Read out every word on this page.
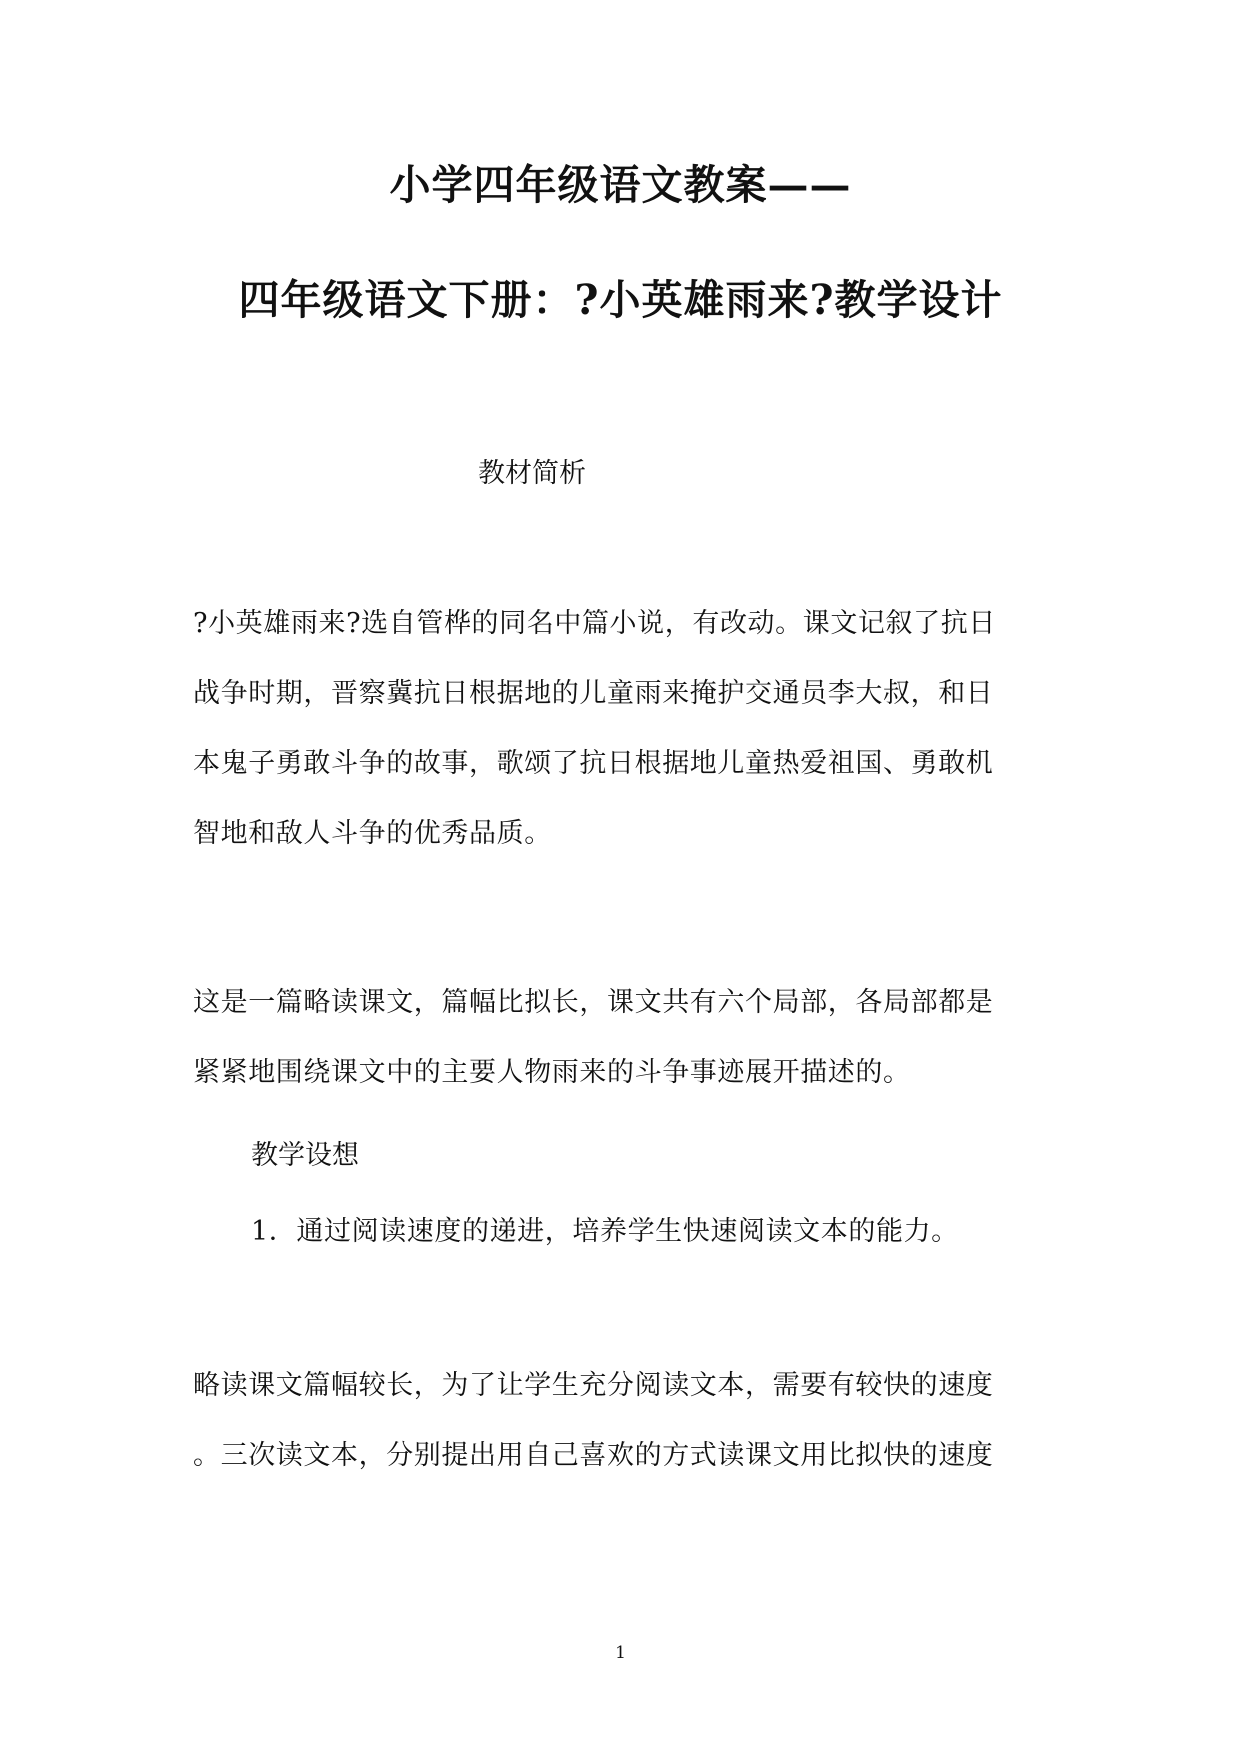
小学四年级语文教案——
四年级语文下册：?小英雄雨来?教学设计
教材简析
?小英雄雨来?选自管桦的同名中篇小说，有改动。课文记叙了抗日
战争时期，晋察冀抗日根据地的儿童雨来掩护交通员李大叔，和日
本鬼子勇敢斗争的故事，歌颂了抗日根据地儿童热爱祖国、勇敢机
智地和敌人斗争的优秀品质。
这是一篇略读课文，篇幅比拟长，课文共有六个局部，各局部都是
紧紧地围绕课文中的主要人物雨来的斗争事迹展开描述的。
教学设想
1．通过阅读速度的递进，培养学生快速阅读文本的能力。
略读课文篇幅较长，为了让学生充分阅读文本，需要有较快的速度
。三次读文本，分别提出用自己喜欢的方式读课文用比拟快的速度
1
